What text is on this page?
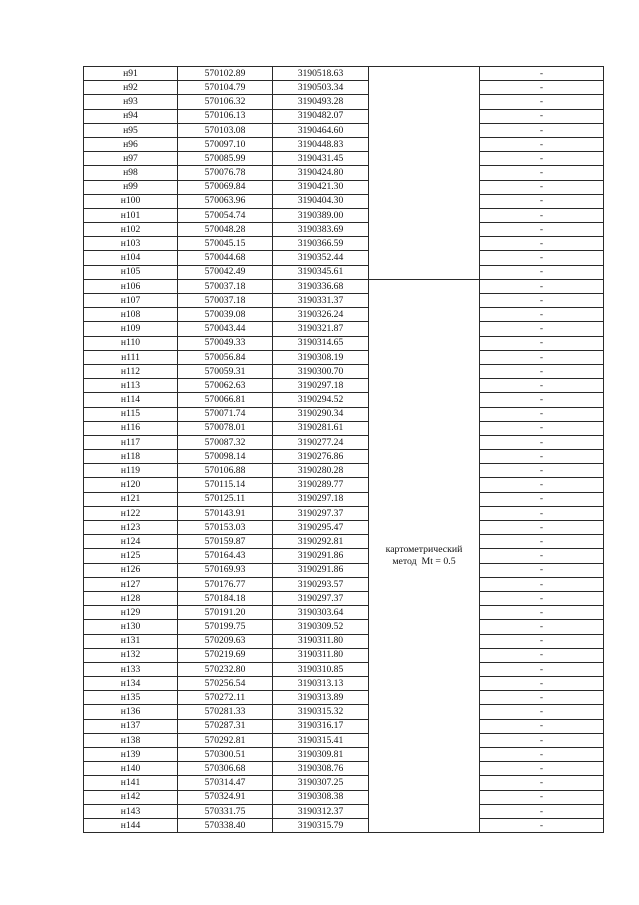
н91	570102.89	3190518.63		-
н92	570104.79	3190503.34		-
н93	570106.32	3190493.28		-
н94	570106.13	3190482.07		-
н95	570103.08	3190464.60		-
н96	570097.10	3190448.83		-
н97	570085.99	3190431.45		-
н98	570076.78	3190424.80		-
н99	570069.84	3190421.30		-
н100	570063.96	3190404.30		-
н101	570054.74	3190389.00		-
н102	570048.28	3190383.69		-
н103	570045.15	3190366.59		-
н104	570044.68	3190352.44		-
н105	570042.49	3190345.61		-
н106	570037.18	3190336.68	картометрический
метод  Mt = 0.5	-
н107	570037.18	3190331.37		-
н108	570039.08	3190326.24		-
н109	570043.44	3190321.87		-
н110	570049.33	3190314.65		-
н111	570056.84	3190308.19		-
н112	570059.31	3190300.70		-
н113	570062.63	3190297.18		-
н114	570066.81	3190294.52		-
н115	570071.74	3190290.34		-
н116	570078.01	3190281.61		-
н117	570087.32	3190277.24		-
н118	570098.14	3190276.86		-
н119	570106.88	3190280.28		-
н120	570115.14	3190289.77		-
н121	570125.11	3190297.18		-
н122	570143.91	3190297.37		-
н123	570153.03	3190295.47		-
н124	570159.87	3190292.81		-
н125	570164.43	3190291.86		-
н126	570169.93	3190291.86		-
н127	570176.77	3190293.57		-
н128	570184.18	3190297.37		-
н129	570191.20	3190303.64		-
н130	570199.75	3190309.52		-
н131	570209.63	3190311.80		-
н132	570219.69	3190311.80		-
н133	570232.80	3190310.85		-
н134	570256.54	3190313.13		-
н135	570272.11	3190313.89		-
н136	570281.33	3190315.32		-
н137	570287.31	3190316.17		-
н138	570292.81	3190315.41		-
н139	570300.51	3190309.81		-
н140	570306.68	3190308.76		-
н141	570314.47	3190307.25		-
н142	570324.91	3190308.38		-
н143	570331.75	3190312.37		-
н144	570338.40	3190315.79		-
